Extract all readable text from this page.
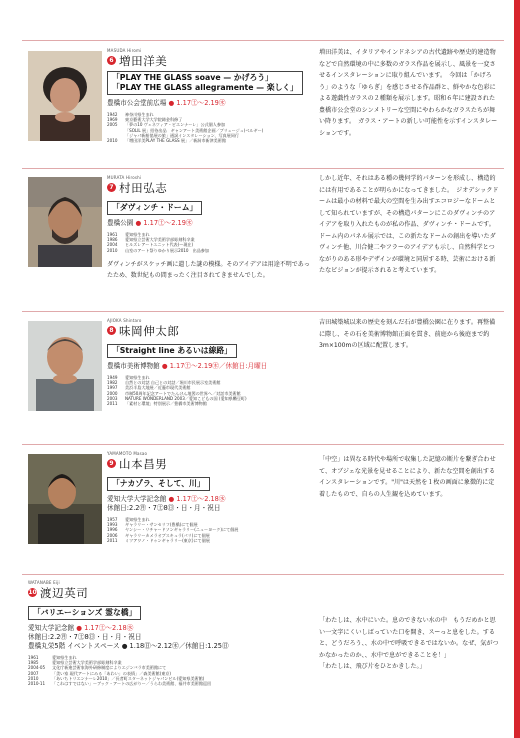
MASUDA Hiromi
6 増田洋美
「PLAY THE GLASS soave — かげろう」
「PLAY THE GLASS allegramente — 楽しく」
豊橋市公会堂前広場 ● 1.17㊏〜2.19㊍
1942	神奈川県生まれ
1969	東京藝術大学大学院鋳金科修了
2005	「夢の10 ヴェネツィア・ビエンナーレ」公式個人参加
「SOLIL 展」招待出品　ギャンアート美術館企画／ブリュージュ(ベルギー)
「ジャパ新船協展の旅」通詞インスタレーション、写真展同行
2010	「増田洋美PLAY THE GLASS 展」／新潟市新津美術館
増田洋美は、イタリアやインドネシアの古代遺跡や歴史的建造物などで自然環境の中に多数のガラス作品を展示し、風景を一変させるインスタレーションに取り組んでいます。　今回は「かげろう」のような「ゆらぎ」を感じさせる作品群と、鮮やかな色彩による遊戯性ガラスの２種類を展示します。昭和６年に建設された豊橋市公会堂のシンメトリーな空間にやわらかなガラスたちが舞い降ります。　ガラス・アートの新しい可能性を示すインスタレーションです。
MURATA Hiroshi
7 村田弘志
「ダヴィンチ・ドーム」
豊橋公園 ● 1.17㊏〜2.19㊍
1961	愛知県生まれ
1986	愛知県立芸術大学美術学部彫刻科卒業
2004	ヒルズレアートユニット代表(〜現在)
2010	山室のアート祭りゆかり展示2010　出品参加
ダヴィンチがスケッチ画に遺した謎の模様。そのアイデアは用途不明であったため、数世紀もの間まったく注目されてきませんでした。
しかし近年、それはある種の幾何学的パターンを形成し、構造的には有用であることが明らかになってきました。　ジオデシックドームは最小の材料で最大の空間を生み出すエコロジーなドームとして知られていますが、その構造パターンにこのダヴィンチのアイデアを取り入れたものが私の作品、ダヴィンチ・ドームです。ドーム内のパネル展示では、この新たなドームの創出を導いたダヴィンチ他、川合健二やフラーのアイデアも示し、自然科学とつながりのある形やデザインが環境と同居する時、芸術における新たなビジョンが提示されると考えています。
AJIOKA Shintaro
8 味岡伸太郎
「Straight line あるいは線路」
豊橋市美術博物館 ● 1.17㊏〜2.19㊍／休館日:月曜日
1949	愛知県生まれ
1982	自然との対話 自己との対話／堀川市民展示室美術館
1997	美浜半島大地展／近藤市現代美術館
2000	市制50周年記念アートでたんけん地図の世界へ／対話市美術館
2003	NATURE WONDERLAND 2003／愛知こどもの国 (愛知県幡豆町)
2011	「素材と環境」特別展示／豊橋市美術博物館
吉田城築城以来の歴史を刻んだ石が豊橋公園に在ります。再整備に際し、その石を美術博物館正面を貫き、前庭から後庭まで約3m×100mの区域に配置します。
YAMAMOTO Masao
9 山本昌男
「ナカゾラ、そして、川」
愛知大学大学記念館 ● 1.17㊏〜2.18㊌
休館日:2.2㊊・7㊏8㊐・日・月・祝日
1957	愛知県生まれ
1993	ギャラリー・サンセリフ(豊橋)にて個展
1996	ヤンシー・リチャードソンギャラリー(ニューヨーク)にて個展
2006	ギャラリーカメラオブスキュラ(パリ)にて個展
2011	ミツアワノ・ドゥンギャラリー(東京)にて個展
「中空」は異なる時代や場所で収集した記憶の断片を繋ぎ合わせて、オブジェな光景を見せることにより、新たな空間を創出するインスタレーションです。"川"は天然を１枚の画面に象徴的に定着したもので、自らの人生観を込めています。
WATANABE Eiji
10 渡辺英司
「バリエーションズ 霊な橋」
愛知大学記念館 ● 1.17㊏〜2.18㊌
休館日:2.2㊊・7㊏8㊐・日・月・祝日
豊橋丸栄5階 イベントスペース ● 1.18㊐〜2.12㊍／休館日:1.25㊐
1961	愛知県生まれ
1985	愛知県立芸術大学美術学部彫刻科卒業
2004-05	文化庁新進芸術家海外研修制度によりエジンバラ市美術館にて
2007	「美い家 現代アートにみる「あわい」の表情」／森美術館(東京)
2010	「あいちトリエンナーレ2010」／長者町スターネットジャパンビル(愛知県美術館)
2010-11	「これはすではない」ーブック・アートの広がりー／うらわ美術館、福井市美術館巡回
「わたしは、水中にいた。息のできない水の中　もうだめかと思い一文字にくいしばっていた口を開き、スーっと息をした。すると、どうだろう、、水の中で呼吸できるではないか。なぜ、気がつかなかったのか、、水中で息ができることを！」
「わたしは、飛び片をひとかきした。」
